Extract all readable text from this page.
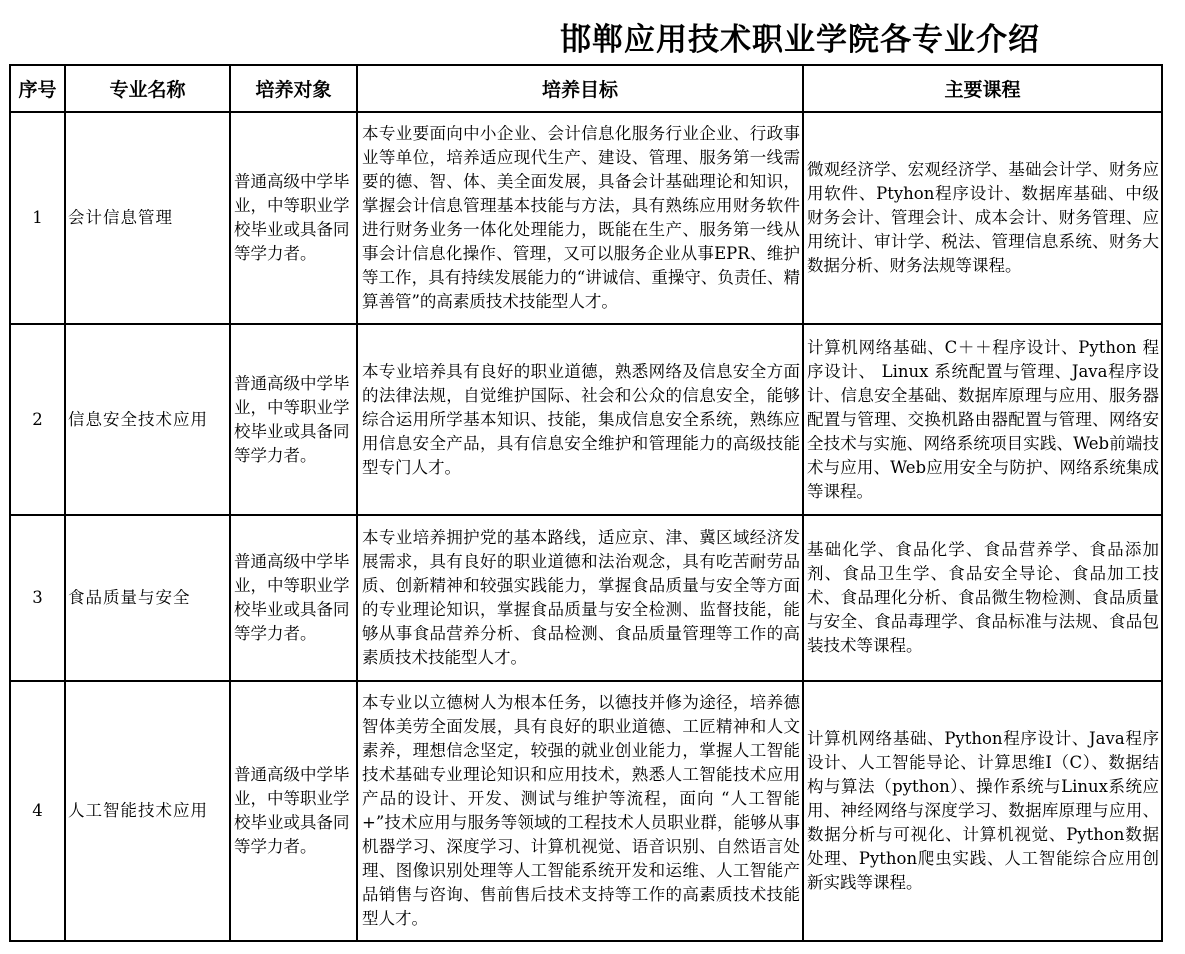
邯郸应用技术职业学院各专业介绍
序号	专业名称	培养对象	培养目标	主要课程
1	会计信息管理	普通高级中学毕业，中等职业学校毕业或具备同等学力者。	本专业要面向中小企业、会计信息化服务行业企业、行政事业等单位，培养适应现代生产、建设、管理、服务第一线需要的德、智、体、美全面发展，具备会计基础理论和知识，掌握会计信息管理基本技能与方法，具有熟练应用财务软件进行财务业务一体化处理能力，既能在生产、服务第一线从事会计信息化操作、管理，又可以服务企业从事EPR、维护等工作，具有持续发展能力的“讲诚信、重操守、负责任、精算善管”的高素质技术技能型人才。	微观经济学、宏观经济学、基础会计学、财务应用软件、Ptyhon程序设计、数据库基础、中级财务会计、管理会计、成本会计、财务管理、应用统计、审计学、税法、管理信息系统、财务大数据分析、财务法规等课程。
2	信息安全技术应用	普通高级中学毕业，中等职业学校毕业或具备同等学力者。	本专业培养具有良好的职业道德，熟悉网络及信息安全方面的法律法规，自觉维护国际、社会和公众的信息安全，能够综合运用所学基本知识、技能，集成信息安全系统，熟练应用信息安全产品，具有信息安全维护和管理能力的高级技能型专门人才。	计算机网络基础、C＋＋程序设计、Python 程序设计、 Linux 系统配置与管理、Java程序设计、信息安全基础、数据库原理与应用、服务器配置与管理、交换机路由器配置与管理、网络安全技术与实施、网络系统项目实践、Web前端技术与应用、Web应用安全与防护、网络系统集成等课程。
3	食品质量与安全	普通高级中学毕业，中等职业学校毕业或具备同等学力者。	本专业培养拥护党的基本路线，适应京、津、冀区域经济发展需求，具有良好的职业道德和法治观念，具有吃苦耐劳品质、创新精神和较强实践能力，掌握食品质量与安全等方面的专业理论知识，掌握食品质量与安全检测、监督技能，能够从事食品营养分析、食品检测、食品质量管理等工作的高素质技术技能型人才。	基础化学、食品化学、食品营养学、食品添加剂、食品卫生学、食品安全导论、食品加工技术、食品理化分析、食品微生物检测、食品质量与安全、食品毒理学、食品标准与法规、食品包装技术等课程。
4	人工智能技术应用	普通高级中学毕业，中等职业学校毕业或具备同等学力者。	本专业以立德树人为根本任务，以德技并修为途径，培养德智体美劳全面发展，具有良好的职业道德、工匠精神和人文素养，理想信念坚定，较强的就业创业能力，掌握人工智能技术基础专业理论知识和应用技术，熟悉人工智能技术应用产品的设计、开发、测试与维护等流程，面向 “人工智能+”技术应用与服务等领域的工程技术人员职业群，能够从事机器学习、深度学习、计算机视觉、语音识别、自然语言处理、图像识别处理等人工智能系统开发和运维、人工智能产品销售与咨询、售前售后技术支持等工作的高素质技术技能型人才。	计算机网络基础、Python程序设计、Java程序设计、人工智能导论、计算思维I（C）、数据结构与算法（python）、操作系统与Linux系统应用、神经网络与深度学习、数据库原理与应用、数据分析与可视化、计算机视觉、Python数据处理、Python爬虫实践、人工智能综合应用创新实践等课程。
